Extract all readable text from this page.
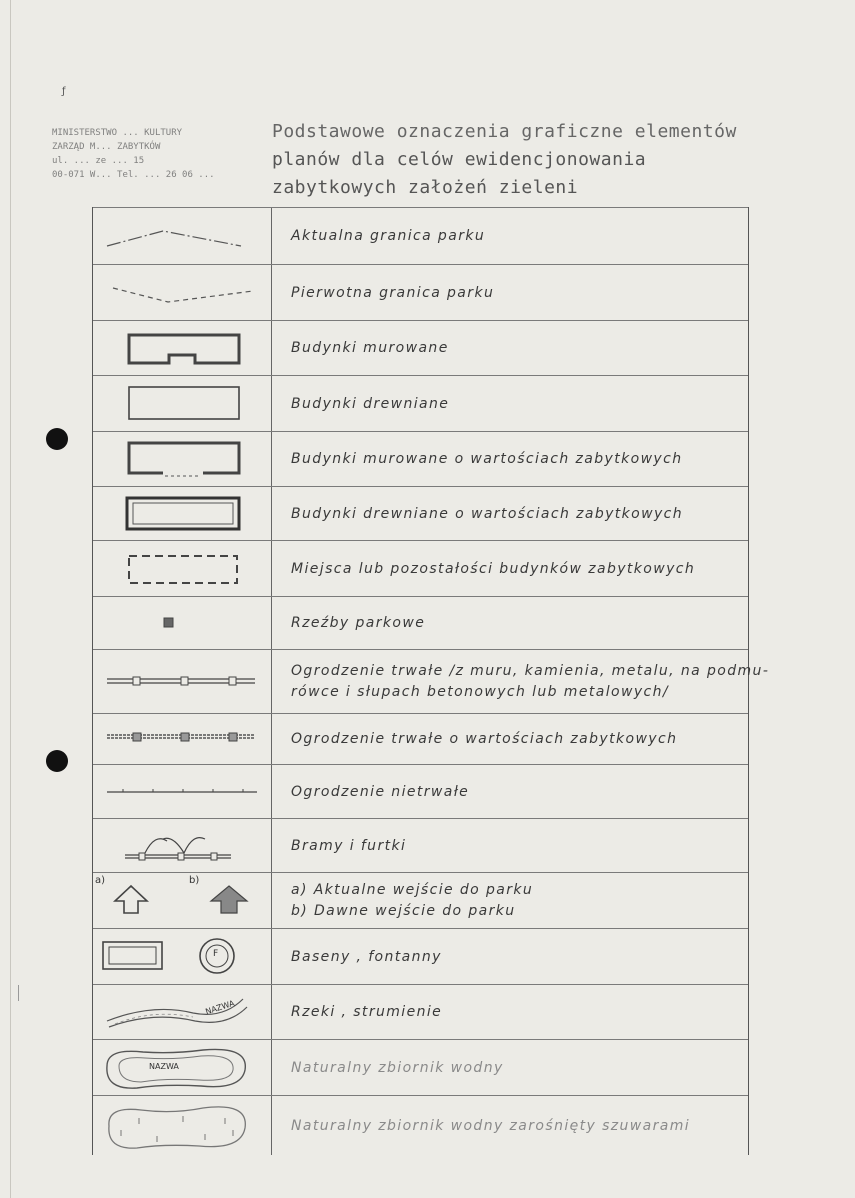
ƒ
MINISTERSTWO ... KULTURY
ZARZĄD M... ZABYTKÓW
ul. ... ze ... 15
00-071 W... Tel. ... 26 06 ...
Podstawowe oznaczenia graficzne elementów
planów dla celów ewidencjonowania
zabytkowych założeń zieleni
Aktualna granica parku
Pierwotna granica parku
Budynki murowane
Budynki drewniane
Budynki murowane o wartościach zabytkowych
Budynki drewniane o wartościach zabytkowych
Miejsca lub pozostałości budynków zabytkowych
Rzeźby parkowe
Ogrodzenie trwałe /z muru, kamienia, metalu, na podmu-
rówce i słupach betonowych lub metalowych/
Ogrodzenie trwałe o wartościach zabytkowych
Ogrodzenie nietrwałe
Bramy i furtki
a)	b)
a) Aktualne wejście do parku
b) Dawne wejście do parku
F	Baseny , fontanny
NAZWA	Rzeki , strumienie
NAZWA	Naturalny zbiornik wodny
Naturalny zbiornik wodny zarośnięty szuwarami
